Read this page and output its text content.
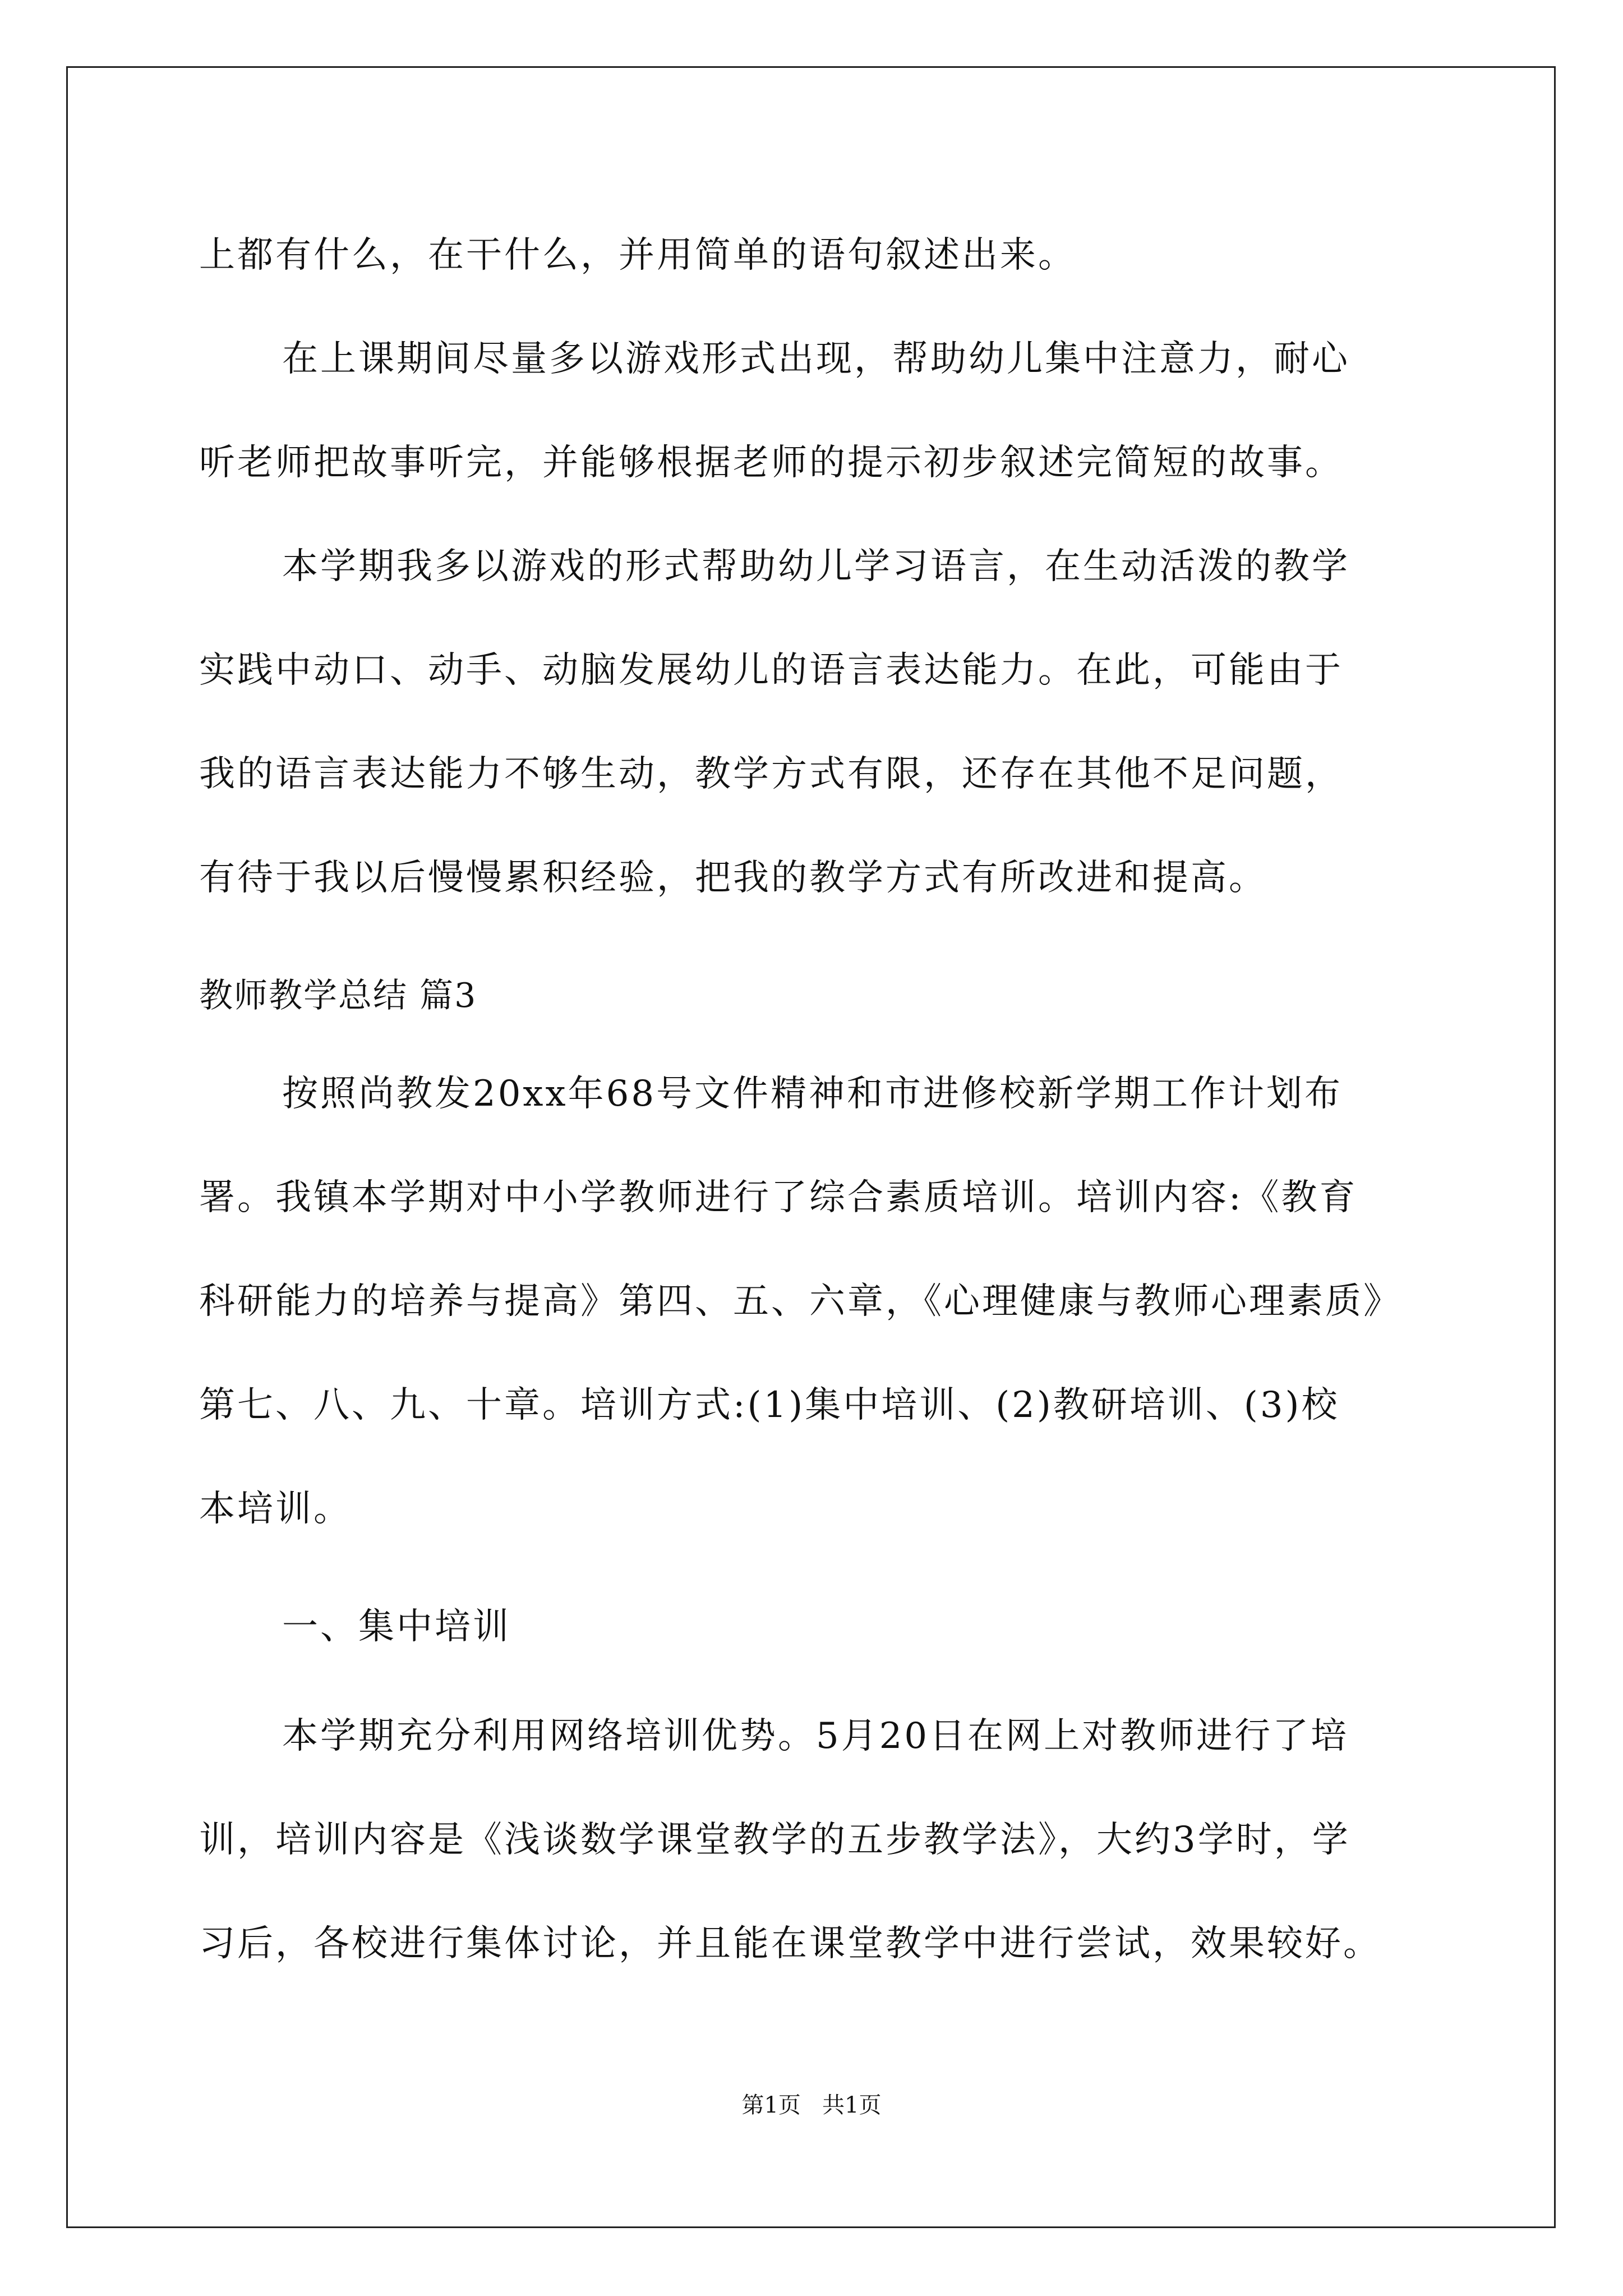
上都有什么，在干什么，并用简单的语句叙述出来。
在上课期间尽量多以游戏形式出现，帮助幼儿集中注意力，耐心
听老师把故事听完，并能够根据老师的提示初步叙述完简短的故事。
本学期我多以游戏的形式帮助幼儿学习语言，在生动活泼的教学
实践中动口、动手、动脑发展幼儿的语言表达能力。在此，可能由于
我的语言表达能力不够生动，教学方式有限，还存在其他不足问题，
有待于我以后慢慢累积经验，把我的教学方式有所改进和提高。
教师教学总结 篇3
按照尚教发20xx年68号文件精神和市进修校新学期工作计划布
署。我镇本学期对中小学教师进行了综合素质培训。培训内容:《教育
科研能力的培养与提高》第四、五、六章，《心理健康与教师心理素质》
第七、八、九、十章。培训方式:(1)集中培训、(2)教研培训、(3)校
本培训。
一、集中培训
本学期充分利用网络培训优势。5月20日在网上对教师进行了培
训，培训内容是《浅谈数学课堂教学的五步教学法》，大约3学时，学
习后，各校进行集体讨论，并且能在课堂教学中进行尝试，效果较好。
第1页   共1页
